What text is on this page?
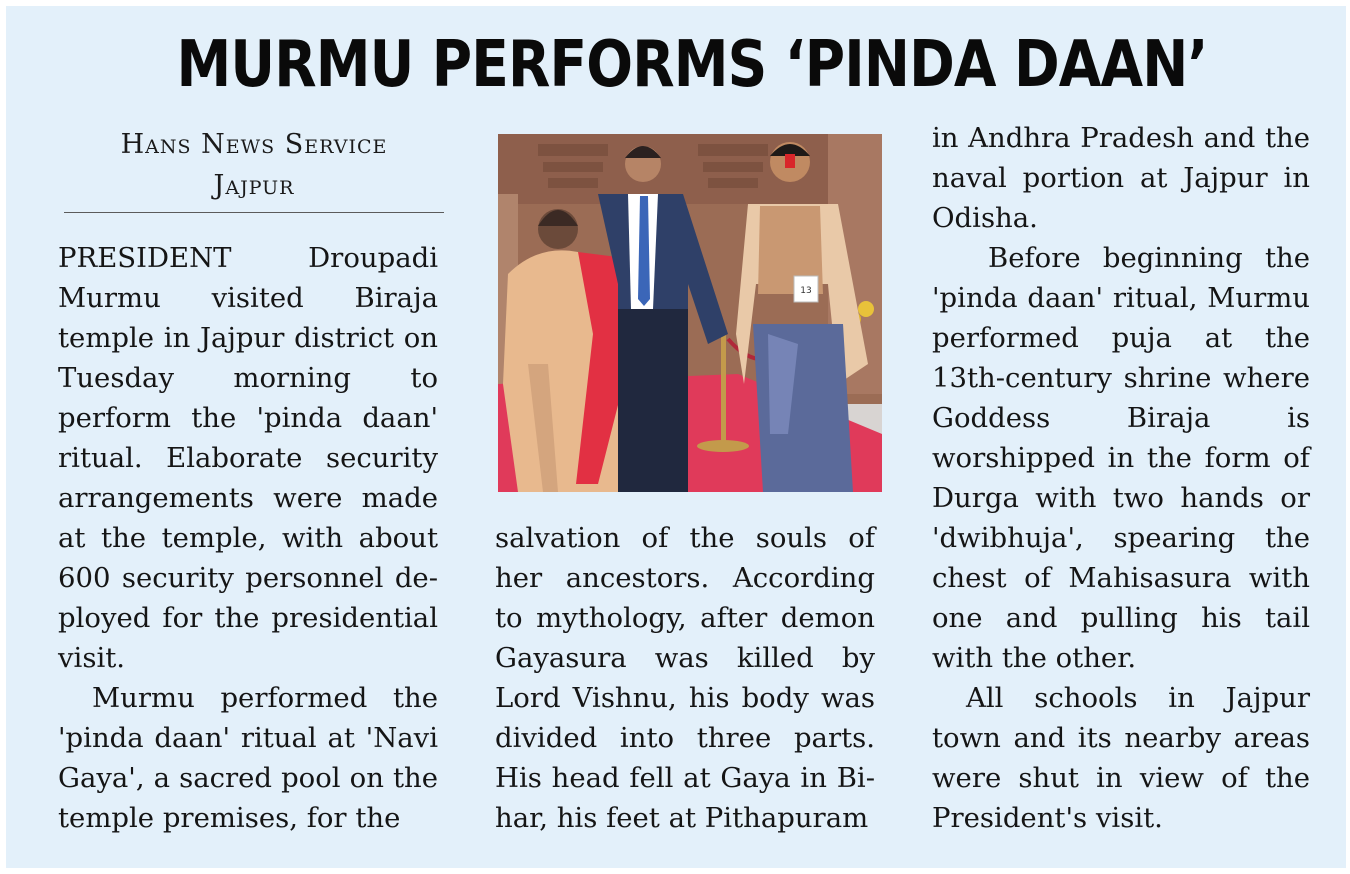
MURMU PERFORMS ‘PINDA DAAN’
Hans News Service
Jajpur

PRESIDENT Droupadi Murmu visited Biraja temple in Jajpur district on Tuesday morning to perform the 'pinda daan' ritual. Elaborate security arrangements were made at the temple, with about 600 security personnel deployed for the presidential visit.

Murmu performed the 'pinda daan' ritual at 'Navi Gaya', a sacred pool on the temple premises, for the

13

salvation of the souls of her ancestors. According to mythology, after demon Gayasura was killed by Lord Vishnu, his body was divided into three parts. His head fell at Gaya in Bihar, his feet at Pithapuram

in Andhra Pradesh and the naval portion at Jajpur in Odisha.

Before beginning the 'pinda daan' ritual, Murmu performed puja at the 13th-century shrine where Goddess Biraja is worshipped in the form of Durga with two hands or 'dwibhuja', spearing the chest of Mahisasura with one and pulling his tail with the other.

All schools in Jajpur town and its nearby areas were shut in view of the President's visit.
